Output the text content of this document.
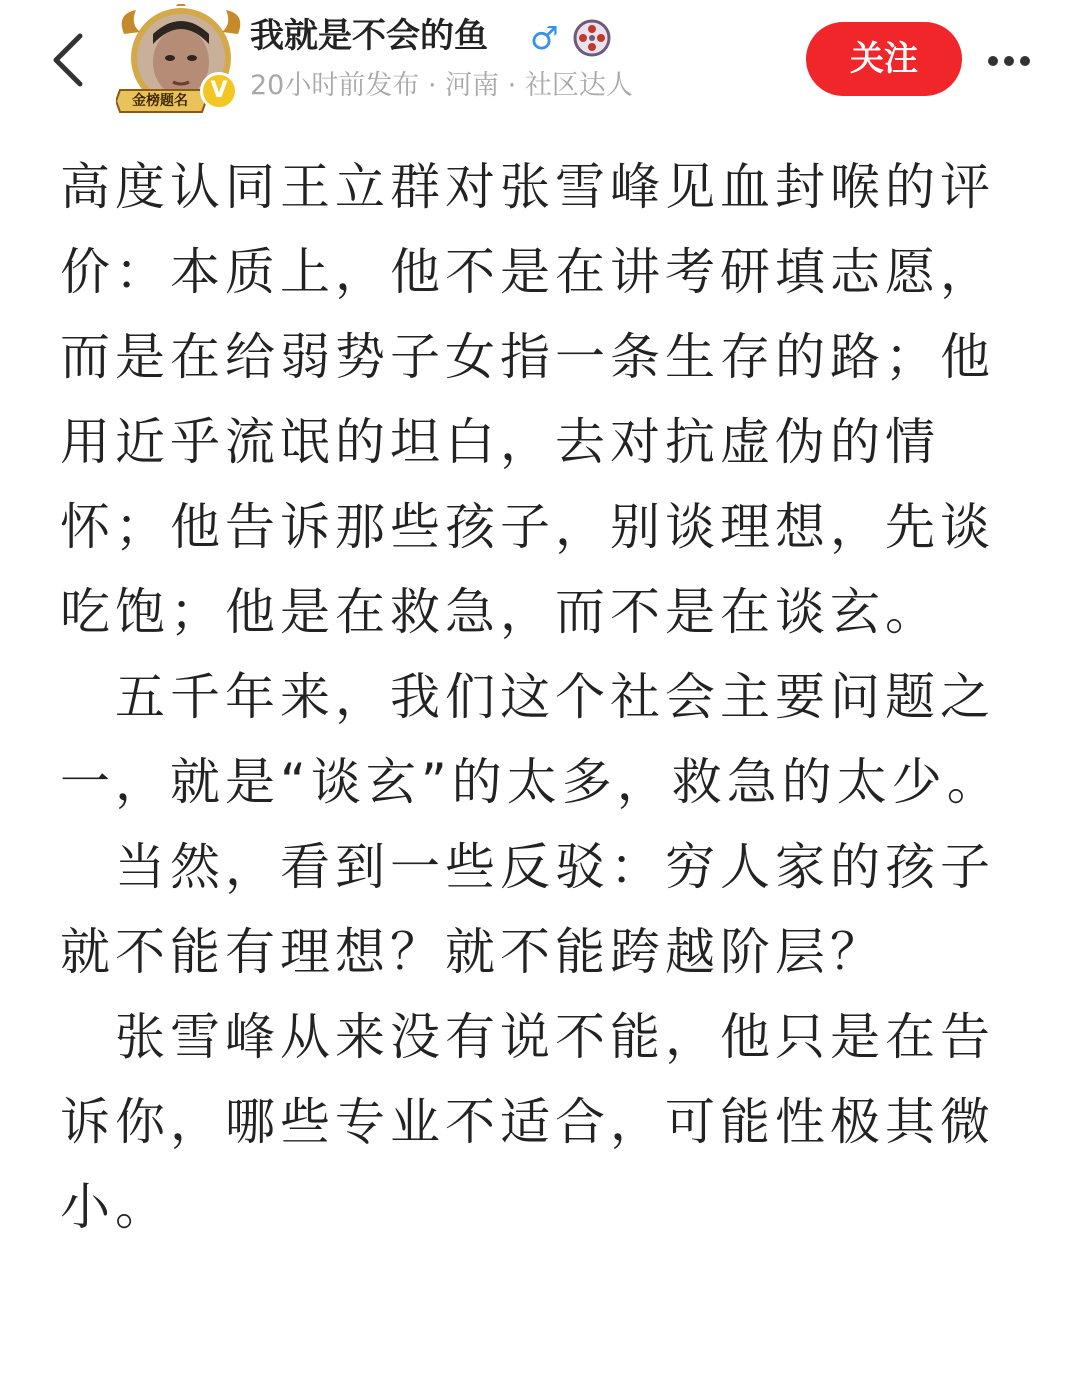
金榜题名	V
我就是不会的鱼 ♂
20小时前发布 · 河南 · 社区达人
关注

高度认同王立群对张雪峰见血封喉的评价：本质上，他不是在讲考研填志愿，而是在给弱势子女指一条生存的路；他用近乎流氓的坦白，去对抗虚伪的情怀；他告诉那些孩子，别谈理想，先谈吃饱；他是在救急，而不是在谈玄。

　五千年来，我们这个社会主要问题之一，就是“谈玄”的太多，救急的太少。

　当然，看到一些反驳：穷人家的孩子就不能有理想？就不能跨越阶层？

　张雪峰从来没有说不能，他只是在告诉你，哪些专业不适合，可能性极其微小。
